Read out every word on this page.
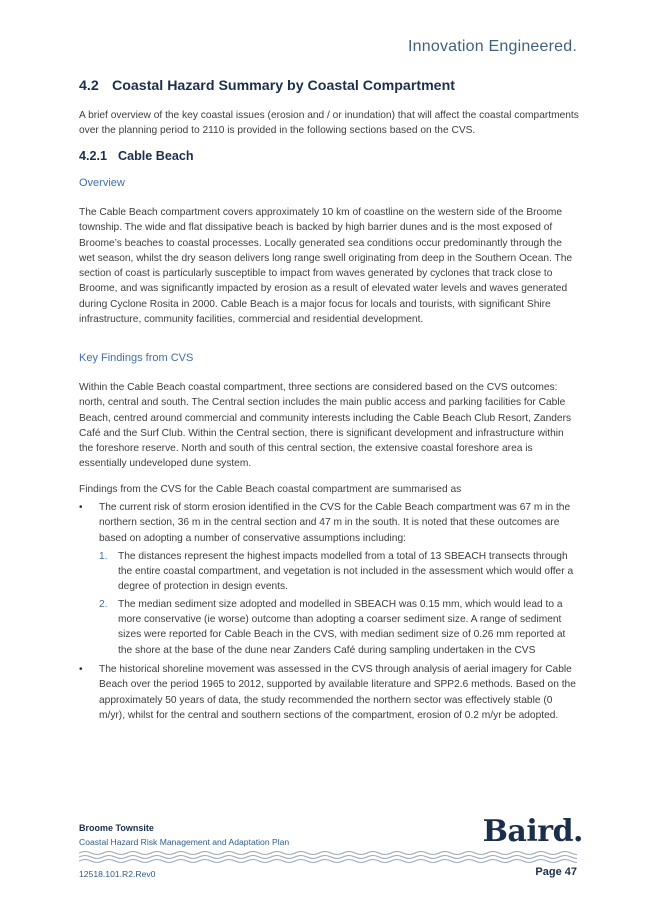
Innovation Engineered.
4.2 Coastal Hazard Summary by Coastal Compartment

A brief overview of the key coastal issues (erosion and / or inundation) that will affect the coastal compartments over the planning period to 2110 is provided in the following sections based on the CVS.

4.2.1 Cable Beach
Overview

The Cable Beach compartment covers approximately 10 km of coastline on the western side of the Broome township. The wide and flat dissipative beach is backed by high barrier dunes and is the most exposed of Broome’s beaches to coastal processes. Locally generated sea conditions occur predominantly through the wet season, whilst the dry season delivers long range swell originating from deep in the Southern Ocean. The section of coast is particularly susceptible to impact from waves generated by cyclones that track close to Broome, and was significantly impacted by erosion as a result of elevated water levels and waves generated during Cyclone Rosita in 2000. Cable Beach is a major focus for locals and tourists, with significant Shire infrastructure, community facilities, commercial and residential development.

Key Findings from CVS

Within the Cable Beach coastal compartment, three sections are considered based on the CVS outcomes: north, central and south. The Central section includes the main public access and parking facilities for Cable Beach, centred around commercial and community interests including the Cable Beach Club Resort, Zanders Café and the Surf Club. Within the Central section, there is significant development and infrastructure within the foreshore reserve. North and south of this central section, the extensive coastal foreshore area is essentially undeveloped dune system.

Findings from the CVS for the Cable Beach coastal compartment are summarised as

• The current risk of storm erosion identified in the CVS for the Cable Beach compartment was 67 m in the northern section, 36 m in the central section and 47 m in the south. It is noted that these outcomes are based on adopting a number of conservative assumptions including:
1. The distances represent the highest impacts modelled from a total of 13 SBEACH transects through the entire coastal compartment, and vegetation is not included in the assessment which would offer a degree of protection in design events.
2. The median sediment size adopted and modelled in SBEACH was 0.15 mm, which would lead to a more conservative (ie worse) outcome than adopting a coarser sediment size. A range of sediment sizes were reported for Cable Beach in the CVS, with median sediment size of 0.26 mm reported at the shore at the base of the dune near Zanders Café during sampling undertaken in the CVS
• The historical shoreline movement was assessed in the CVS through analysis of aerial imagery for Cable Beach over the period 1965 to 2012, supported by available literature and SPP2.6 methods. Based on the approximately 50 years of data, the study recommended the northern sector was effectively stable (0 m/yr), whilst for the central and southern sections of the compartment, erosion of 0.2 m/yr be adopted.
Broome Townsite
Coastal Hazard Risk Management and Adaptation Plan	Baird.
12518.101.R2.Rev0	Page 47
